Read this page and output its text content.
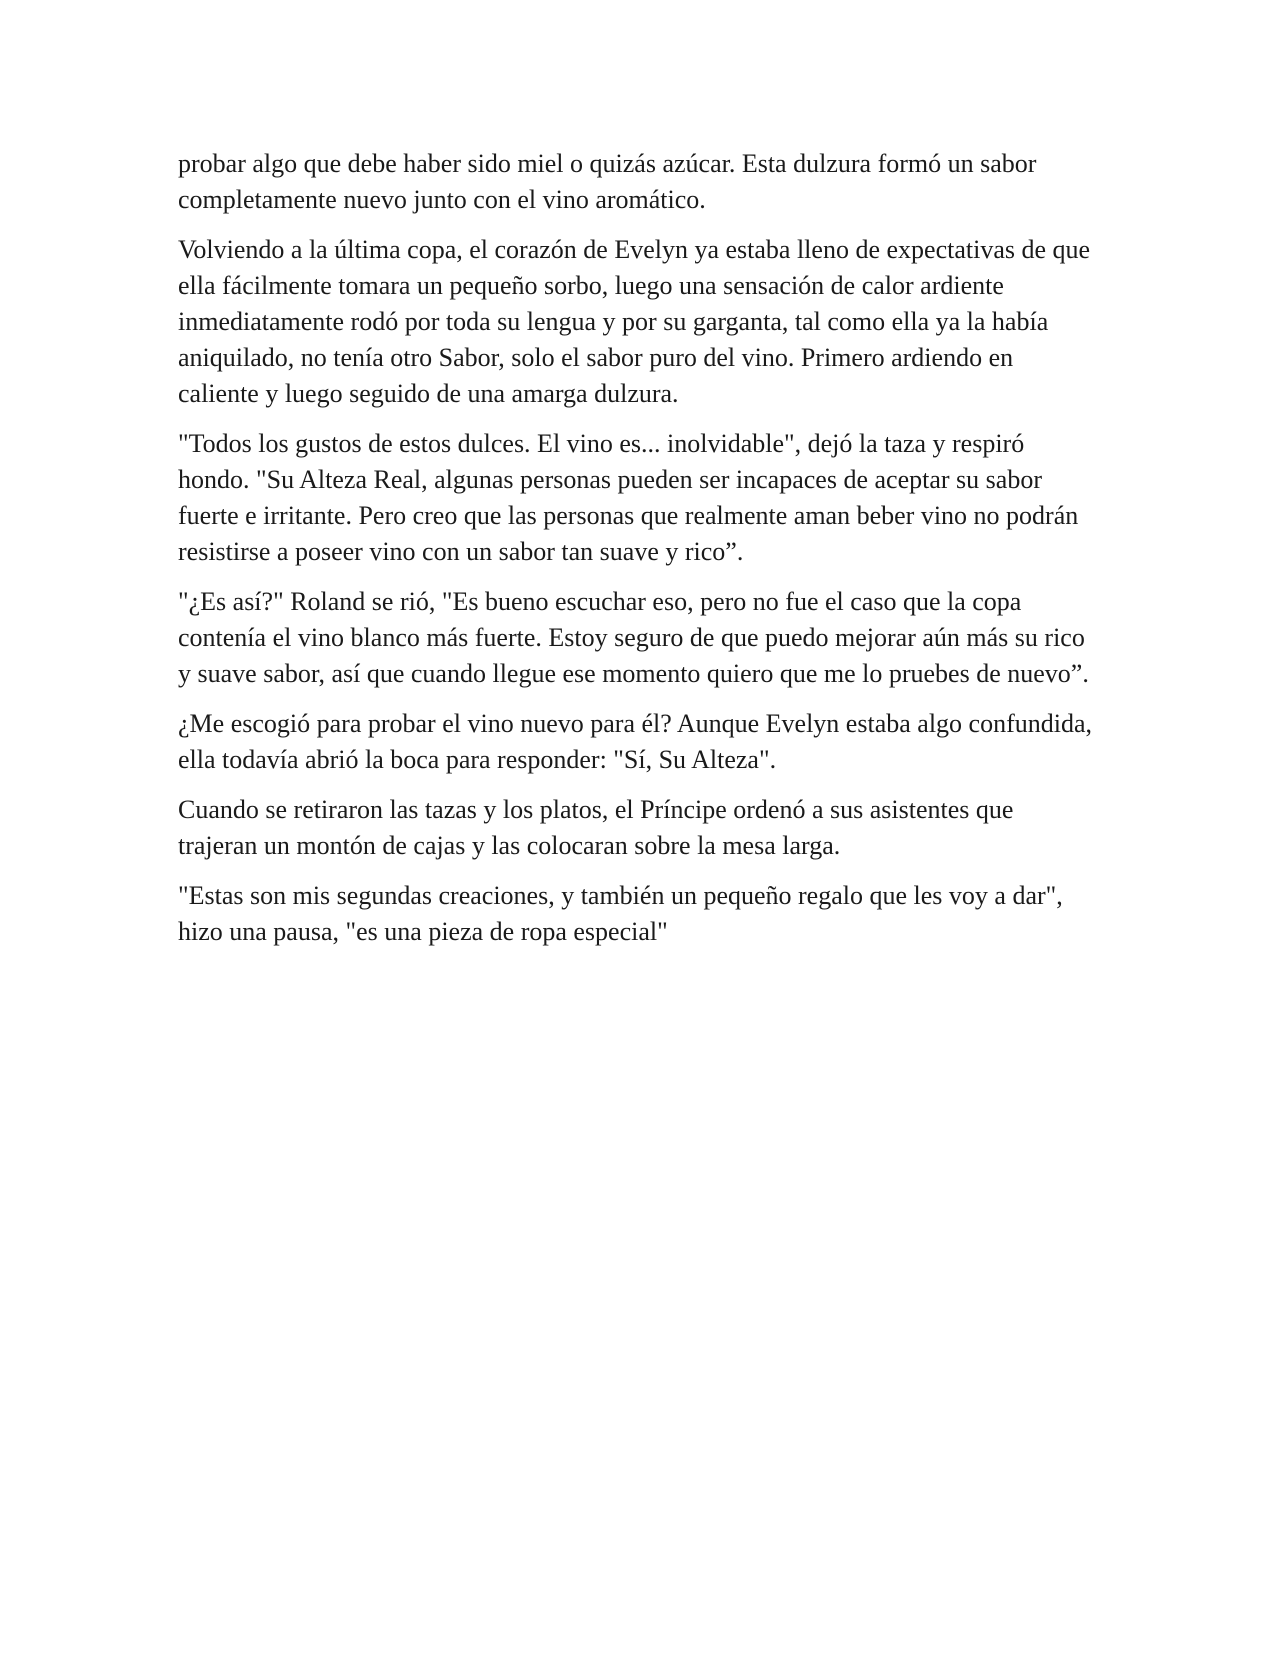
probar algo que debe haber sido miel o quizás azúcar. Esta dulzura formó un sabor completamente nuevo junto con el vino aromático.

Volviendo a la última copa, el corazón de Evelyn ya estaba lleno de expectativas de que ella fácilmente tomara un pequeño sorbo, luego una sensación de calor ardiente inmediatamente rodó por toda su lengua y por su garganta, tal como ella ya la había aniquilado, no tenía otro Sabor, solo el sabor puro del vino. Primero ardiendo en caliente y luego seguido de una amarga dulzura.

"Todos los gustos de estos dulces. El vino es... inolvidable", dejó la taza y respiró hondo. "Su Alteza Real, algunas personas pueden ser incapaces de aceptar su sabor fuerte e irritante. Pero creo que las personas que realmente aman beber vino no podrán resistirse a poseer vino con un sabor tan suave y rico”.

"¿Es así?" Roland se rió, "Es bueno escuchar eso, pero no fue el caso que la copa contenía el vino blanco más fuerte. Estoy seguro de que puedo mejorar aún más su rico y suave sabor, así que cuando llegue ese momento quiero que me lo pruebes de nuevo”.

¿Me escogió para probar el vino nuevo para él? Aunque Evelyn estaba algo confundida, ella todavía abrió la boca para responder: "Sí, Su Alteza".

Cuando se retiraron las tazas y los platos, el Príncipe ordenó a sus asistentes que trajeran un montón de cajas y las colocaran sobre la mesa larga.

"Estas son mis segundas creaciones, y también un pequeño regalo que les voy a dar", hizo una pausa, "es una pieza de ropa especial"
